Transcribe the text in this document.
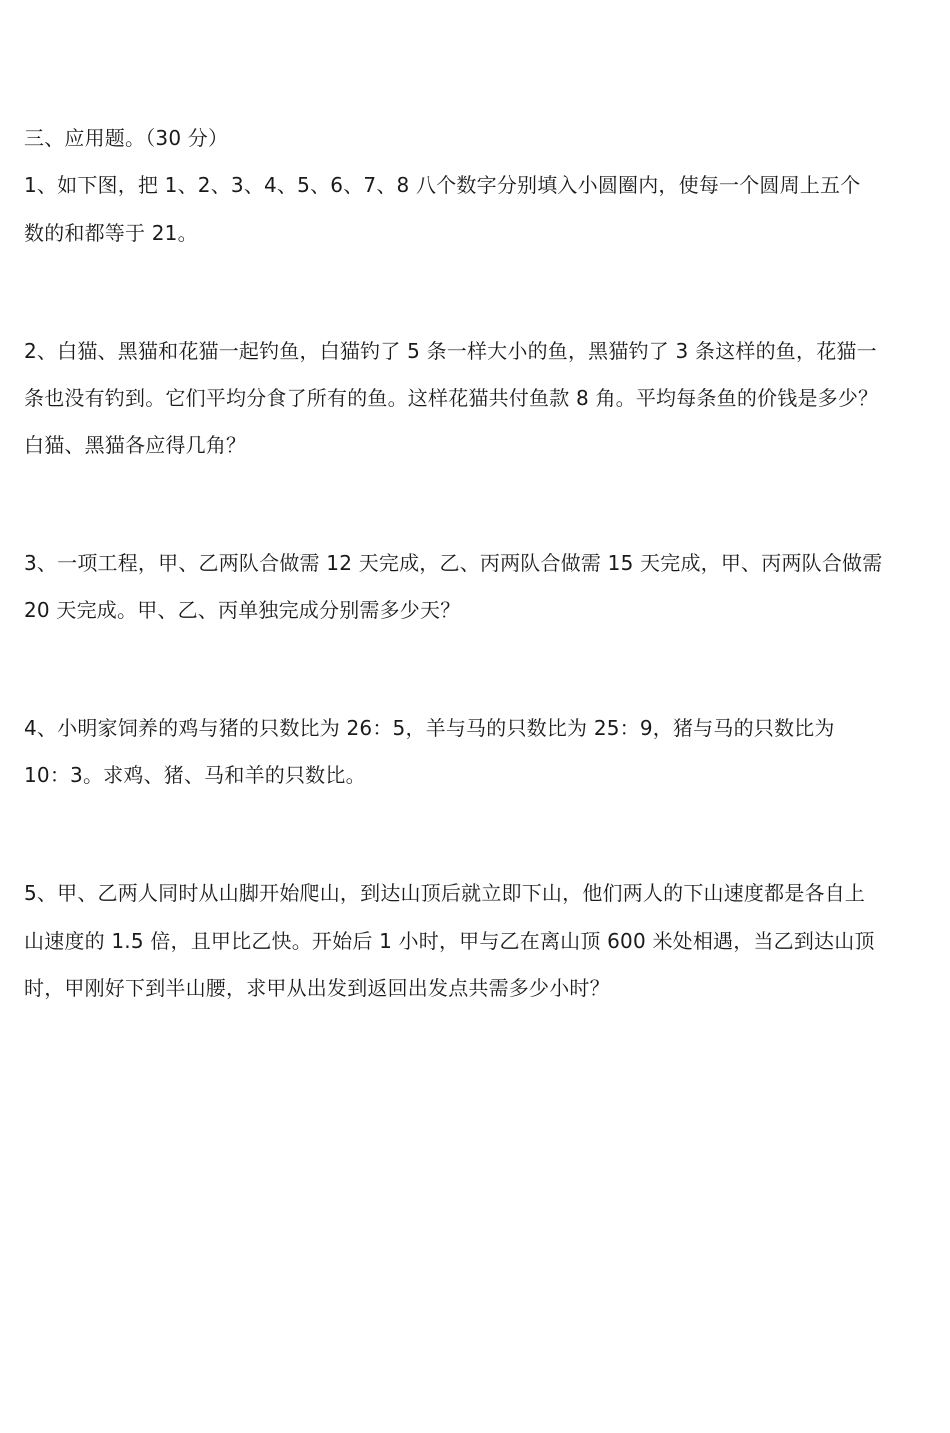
三、应用题。（30 分）
1、如下图，把 1、2、3、4、5、6、7、8 八个数字分别填入小圆圈内，使每一个圆周上五个
数的和都等于 21。
2、白猫、黑猫和花猫一起钓鱼，白猫钓了 5 条一样大小的鱼，黑猫钓了 3 条这样的鱼，花猫一
条也没有钓到。它们平均分食了所有的鱼。这样花猫共付鱼款 8 角。平均每条鱼的价钱是多少？
白猫、黑猫各应得几角？
3、一项工程，甲、乙两队合做需 12 天完成，乙、丙两队合做需 15 天完成，甲、丙两队合做需
20 天完成。甲、乙、丙单独完成分别需多少天？
4、小明家饲养的鸡与猪的只数比为 26：5，羊与马的只数比为 25：9，猪与马的只数比为
10：3。求鸡、猪、马和羊的只数比。
5、甲、乙两人同时从山脚开始爬山，到达山顶后就立即下山，他们两人的下山速度都是各自上
山速度的 1.5 倍，且甲比乙快。开始后 1 小时，甲与乙在离山顶 600 米处相遇，当乙到达山顶
时，甲刚好下到半山腰，求甲从出发到返回出发点共需多少小时？
